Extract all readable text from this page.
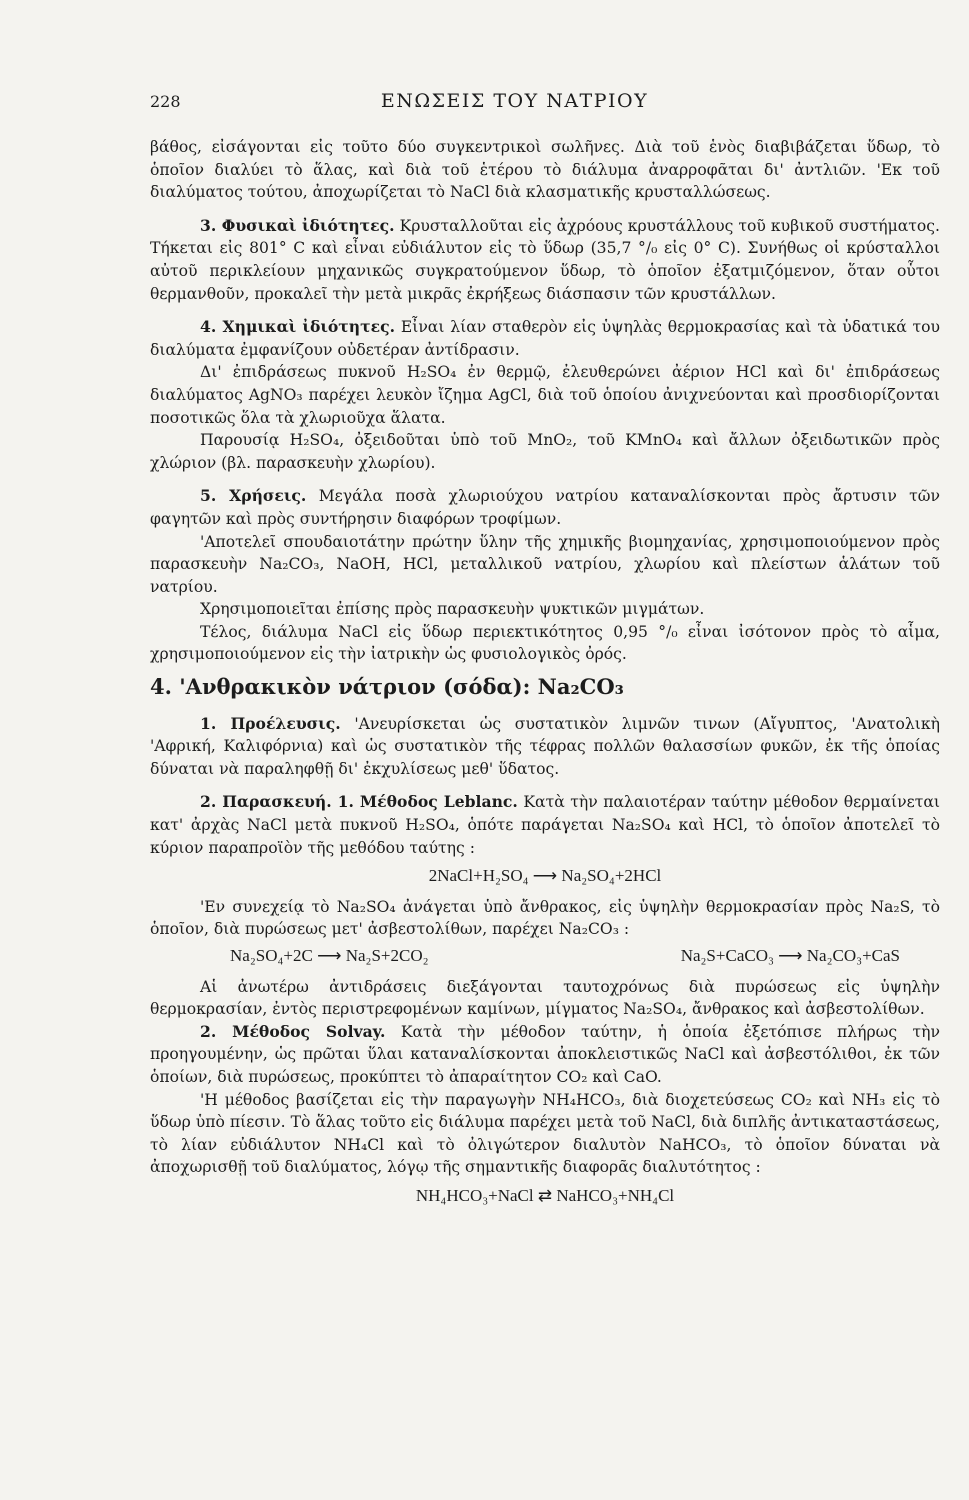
228	ΕΝΩΣΕΙΣ ΤΟΥ ΝΑΤΡΙΟΥ

βάθος, εἰσάγονται εἰς τοῦτο δύο συγκεντρικοὶ σωλῆνες. Διὰ τοῦ ἑνὸς διαβιβάζεται ὕδωρ, τὸ ὁποῖον διαλύει τὸ ἅλας, καὶ διὰ τοῦ ἑτέρου τὸ διάλυμα ἀναρροφᾶται δι' ἀντλιῶν. 'Εκ τοῦ διαλύματος τούτου, ἀποχωρίζεται τὸ NaCl διὰ κλασματικῆς κρυσταλλώσεως.

3. Φυσικαὶ ἰδιότητες. Κρυσταλλοῦται εἰς ἀχρόους κρυστάλλους τοῦ κυβικοῦ συστήματος. Τήκεται εἰς 801° C καὶ εἶναι εὐδιάλυτον εἰς τὸ ὕδωρ (35,7 °/₀ εἰς 0° C). Συνήθως οἱ κρύσταλλοι αὐτοῦ περικλείουν μηχανικῶς συγκρατούμενον ὕδωρ, τὸ ὁποῖον ἐξατμιζόμενον, ὅταν οὗτοι θερμανθοῦν, προκαλεῖ τὴν μετὰ μικρᾶς ἐκρήξεως διάσπασιν τῶν κρυστάλλων.

4. Χημικαὶ ἰδιότητες. Εἶναι λίαν σταθερὸν εἰς ὑψηλὰς θερμοκρασίας καὶ τὰ ὑδατικά του διαλύματα ἐμφανίζουν οὐδετέραν ἀντίδρασιν.

Δι' ἐπιδράσεως πυκνοῦ H₂SO₄ ἐν θερμῷ, ἐλευθερώνει ἀέριον HCl καὶ δι' ἐπιδράσεως διαλύματος AgNO₃ παρέχει λευκὸν ἴζημα AgCl, διὰ τοῦ ὁποίου ἀνιχνεύονται καὶ προσδιορίζονται ποσοτικῶς ὅλα τὰ χλωριοῦχα ἅλατα.

Παρουσίᾳ H₂SO₄, ὀξειδοῦται ὑπὸ τοῦ MnO₂, τοῦ KMnO₄ καὶ ἄλλων ὀξειδωτικῶν πρὸς χλώριον (βλ. παρασκευὴν χλωρίου).

5. Χρήσεις. Μεγάλα ποσὰ χλωριούχου νατρίου καταναλίσκονται πρὸς ἄρτυσιν τῶν φαγητῶν καὶ πρὸς συντήρησιν διαφόρων τροφίμων.

'Αποτελεῖ σπουδαιοτάτην πρώτην ὕλην τῆς χημικῆς βιομηχανίας, χρησιμοποιούμενον πρὸς παρασκευὴν Na₂CO₃, NaOH, HCl, μεταλλικοῦ νατρίου, χλωρίου καὶ πλείστων ἁλάτων τοῦ νατρίου.

Χρησιμοποιεῖται ἐπίσης πρὸς παρασκευὴν ψυκτικῶν μιγμάτων.

Τέλος, διάλυμα NaCl εἰς ὕδωρ περιεκτικότητος 0,95 °/₀ εἶναι ἰσότονον πρὸς τὸ αἷμα, χρησιμοποιούμενον εἰς τὴν ἰατρικὴν ὡς φυσιολογικὸς ὀρός.

4. 'Ανθρακικὸν νάτριον (σόδα): Na₂CO₃

1. Προέλευσις. 'Ανευρίσκεται ὡς συστατικὸν λιμνῶν τινων (Αἴγυπτος, 'Ανατολικὴ 'Αφρική, Καλιφόρνια) καὶ ὡς συστατικὸν τῆς τέφρας πολλῶν θαλασσίων φυκῶν, ἐκ τῆς ὁποίας δύναται νὰ παραληφθῇ δι' ἐκχυλίσεως μεθ' ὕδατος.

2. Παρασκευή. 1. Μέθοδος Leblanc. Κατὰ τὴν παλαιοτέραν ταύτην μέθοδον θερμαίνεται κατ' ἀρχὰς NaCl μετὰ πυκνοῦ H₂SO₄, ὁπότε παράγεται Na₂SO₄ καὶ HCl, τὸ ὁποῖον ἀποτελεῖ τὸ κύριον παραπροϊὸν τῆς μεθόδου ταύτης :

2NaCl+H₂SO₄ ⟶ Na₂SO₄+2HCl

'Εν συνεχείᾳ τὸ Na₂SO₄ ἀνάγεται ὑπὸ ἄνθρακος, εἰς ὑψηλὴν θερμοκρασίαν πρὸς Na₂S, τὸ ὁποῖον, διὰ πυρώσεως μετ' ἀσβεστολίθων, παρέχει Na₂CO₃ :

Na₂SO₄+2C ⟶ Na₂S+2CO₂	Na₂S+CaCO₃ ⟶ Na₂CO₃+CaS

Αἱ ἀνωτέρω ἀντιδράσεις διεξάγονται ταυτοχρόνως διὰ πυρώσεως εἰς ὑψηλὴν θερμοκρασίαν, ἐντὸς περιστρεφομένων καμίνων, μίγματος Na₂SO₄, ἄνθρακος καὶ ἀσβεστολίθων.

2. Μέθοδος Solvay. Κατὰ τὴν μέθοδον ταύτην, ἡ ὁποία ἐξετόπισε πλήρως τὴν προηγουμένην, ὡς πρῶται ὕλαι καταναλίσκονται ἀποκλειστικῶς NaCl καὶ ἀσβεστόλιθοι, ἐκ τῶν ὁποίων, διὰ πυρώσεως, προκύπτει τὸ ἀπαραίτητον CO₂ καὶ CaO.

'Η μέθοδος βασίζεται εἰς τὴν παραγωγὴν NH₄HCO₃, διὰ διοχετεύσεως CO₂ καὶ NH₃ εἰς τὸ ὕδωρ ὑπὸ πίεσιν. Τὸ ἅλας τοῦτο εἰς διάλυμα παρέχει μετὰ τοῦ NaCl, διὰ διπλῆς ἀντικαταστάσεως, τὸ λίαν εὐδιάλυτον NH₄Cl καὶ τὸ ὀλιγώτερον διαλυτὸν NaHCO₃, τὸ ὁποῖον δύναται νὰ ἀποχωρισθῇ τοῦ διαλύματος, λόγῳ τῆς σημαντικῆς διαφορᾶς διαλυτότητος :

NH₄HCO₃+NaCl ⇄ NaHCO₃+NH₄Cl
